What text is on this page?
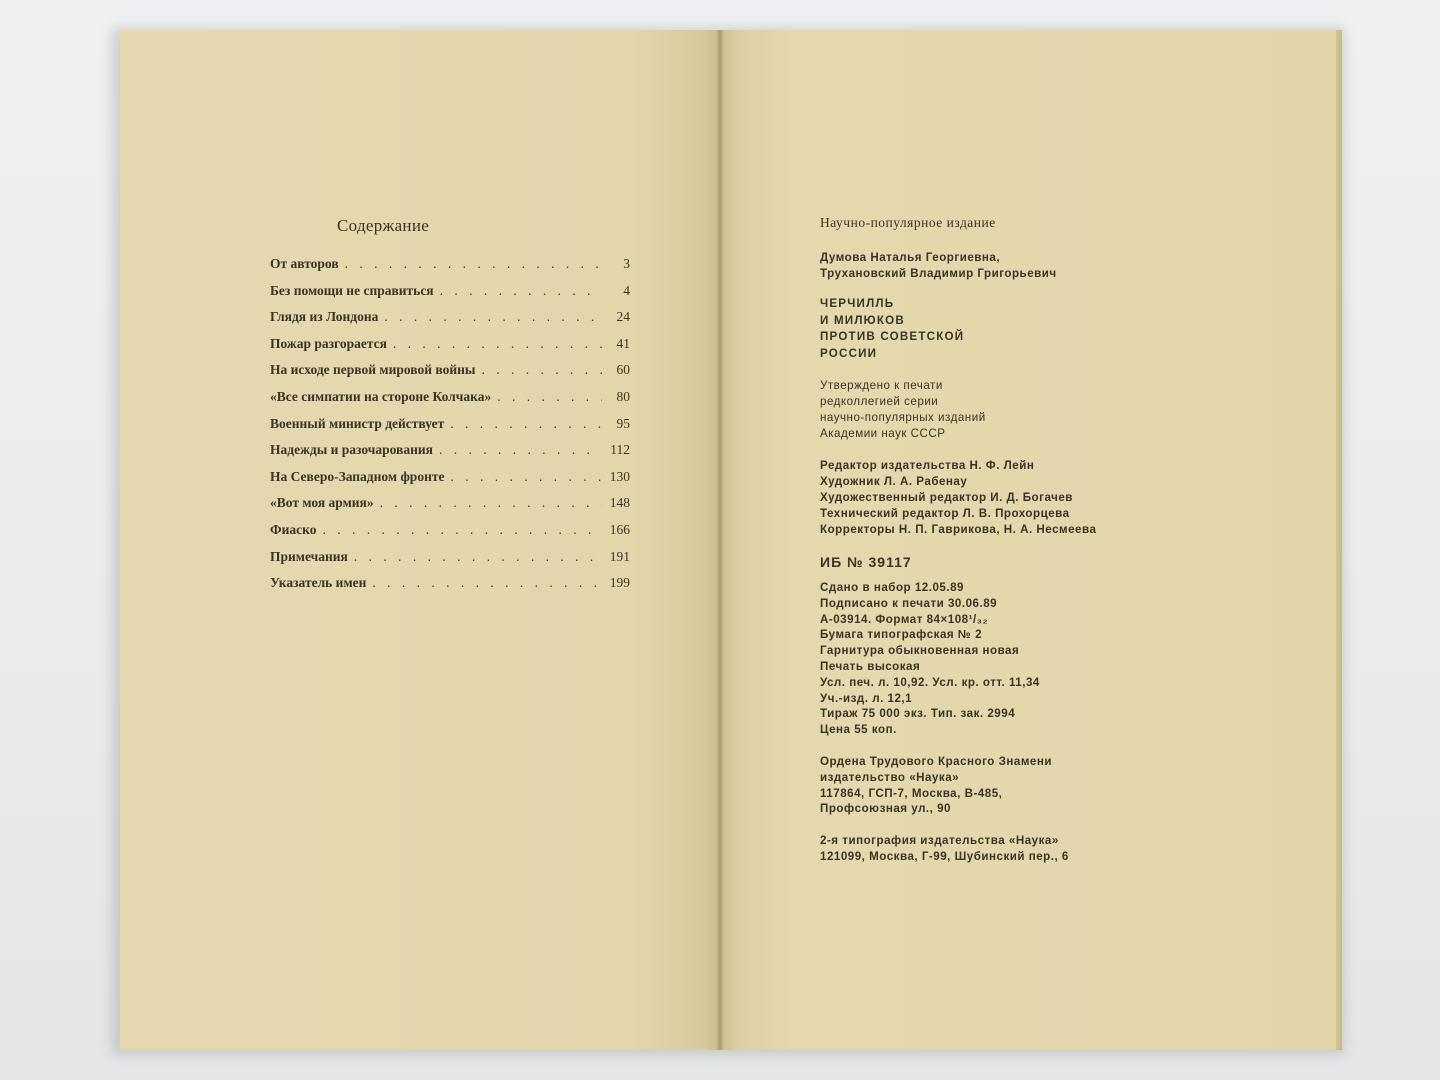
Содержание
От авторов . . .	3
Без помощи не справиться . . .	4
Глядя из Лондона . . .	24
Пожар разгорается . . .	41
На исходе первой мировой войны . . .	60
«Все симпатии на стороне Колчака» . . .	80
Военный министр действует . . .	95
Надежды и разочарования . . .	112
На Северо-Западном фронте . . .	130
«Вот моя армия» . . .	148
Фиаско . . .	166
Примечания . . .	191
Указатель имен . . .	199
Научно-популярное издание
Думова Наталья Георгиевна,
Трухановский Владимир Григорьевич
ЧЕРЧИЛЛЬ
И МИЛЮКОВ
ПРОТИВ СОВЕТСКОЙ
РОССИИ
Утверждено к печати
редколлегией серии
научно-популярных изданий
Академии наук СССР
Редактор издательства Н. Ф. Лейн
Художник Л. А. Рабенау
Художественный редактор И. Д. Богачев
Технический редактор Л. В. Прохорцева
Корректоры Н. П. Гаврикова, Н. А. Несмеева
ИБ № 39117
Сдано в набор 12.05.89
Подписано к печати 30.06.89
А-03914. Формат 84×108¹/₃₂
Бумага типографская № 2
Гарнитура обыкновенная новая
Печать высокая
Усл. печ. л. 10,92. Усл. кр. отт. 11,34
Уч.-изд. л. 12,1
Тираж 75 000 экз. Тип. зак. 2994
Цена 55 коп.
Ордена Трудового Красного Знамени
издательство «Наука»
117864, ГСП-7, Москва, В-485,
Профсоюзная ул., 90
2-я типография издательства «Наука»
121099, Москва, Г-99, Шубинский пер., 6
